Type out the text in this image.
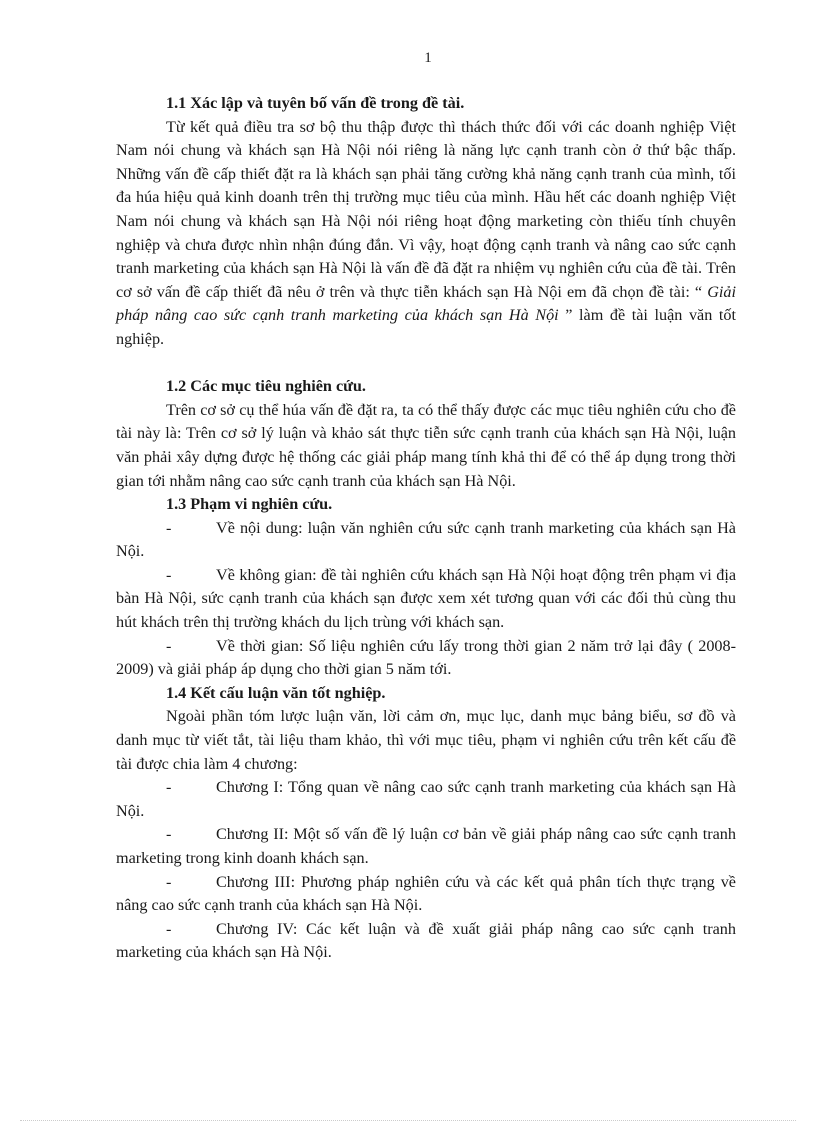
1
1.1 Xác lập và tuyên bố vấn đề trong đề tài.

Từ kết quả điều tra sơ bộ thu thập được thì thách thức đối với các doanh nghiệp Việt Nam nói chung và khách sạn Hà Nội nói riêng là năng lực cạnh tranh còn ở thứ bậc thấp. Những vấn đề cấp thiết đặt ra là khách sạn phải tăng cường khả năng cạnh tranh của mình, tối đa húa hiệu quả kinh doanh trên thị trường mục tiêu của mình. Hầu hết các doanh nghiệp Việt Nam nói chung và khách sạn Hà Nội nói riêng hoạt động marketing còn thiếu tính chuyên nghiệp và chưa được nhìn nhận đúng đắn. Vì vậy, hoạt động cạnh tranh và nâng cao sức cạnh tranh marketing của khách sạn Hà Nội là vấn đề đã đặt ra nhiệm vụ nghiên cứu của đề tài. Trên cơ sở vấn đề cấp thiết đã nêu ở trên và thực tiễn khách sạn Hà Nội em đã chọn đề tài: “ Giải pháp nâng cao sức cạnh tranh marketing của khách sạn Hà Nội ” làm đề tài luận văn tốt nghiệp.

1.2 Các mục tiêu nghiên cứu.

Trên cơ sở cụ thể húa vấn đề đặt ra, ta có thể thấy được các mục tiêu nghiên cứu cho đề tài này là: Trên cơ sở lý luận và khảo sát thực tiễn sức cạnh tranh của khách sạn Hà Nội, luận văn phải xây dựng được hệ thống các giải pháp mang tính khả thi để có thể áp dụng trong thời gian tới nhằm nâng cao sức cạnh tranh của khách sạn Hà Nội.

1.3 Phạm vi nghiên cứu.
-	Về nội dung: luận văn nghiên cứu sức cạnh tranh marketing của khách sạn Hà Nội.
-	Về không gian: đề tài nghiên cứu khách sạn Hà Nội hoạt động trên phạm vi địa bàn Hà Nội, sức cạnh tranh của khách sạn được xem xét tương quan với các đối thủ cùng thu hút khách trên thị trường khách du lịch trùng với khách sạn.
-	Về thời gian: Số liệu nghiên cứu lấy trong thời gian 2 năm trở lại đây ( 2008- 2009) và giải pháp áp dụng cho thời gian 5 năm tới.
1.4 Kết cấu luận văn tốt nghiệp.

Ngoài phần tóm lược luận văn, lời cảm ơn, mục lục, danh mục bảng biểu, sơ đồ và danh mục từ viết tắt, tài liệu tham khảo, thì với mục tiêu, phạm vi nghiên cứu trên kết cấu đề tài được chia làm 4 chương:

-	Chương I: Tổng quan về nâng cao sức cạnh tranh marketing của khách sạn Hà Nội.
-	Chương II: Một số vấn đề lý luận cơ bản về giải pháp nâng cao sức cạnh tranh marketing trong kinh doanh khách sạn.
-	Chương III: Phương pháp nghiên cứu và các kết quả phân tích thực trạng về nâng cao sức cạnh tranh của khách sạn Hà Nội.
-	Chương IV: Các kết luận và đề xuất giải pháp nâng cao sức cạnh tranh marketing của khách sạn Hà Nội.
